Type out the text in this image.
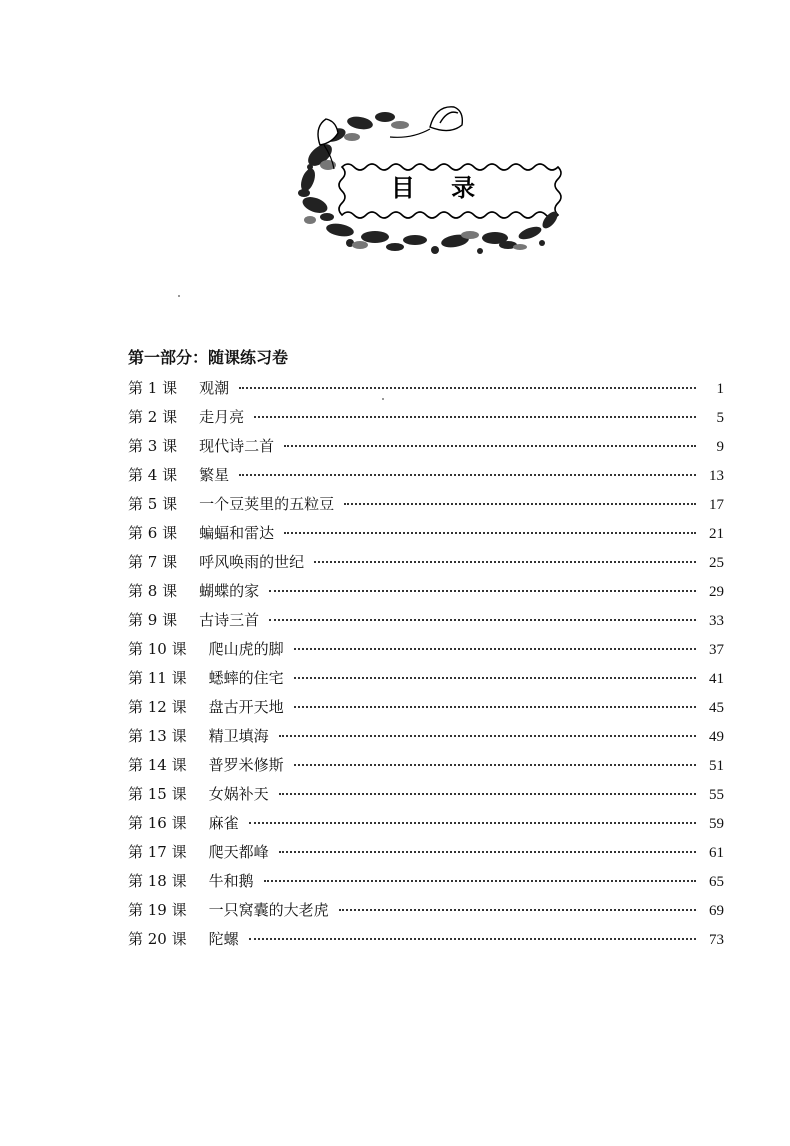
目 录
第一部分：随课练习卷
第 1 课 观潮	1
第 2 课 走月亮	5
第 3 课 现代诗二首	9
第 4 课 繁星	13
第 5 课 一个豆荚里的五粒豆	17
第 6 课 蝙蝠和雷达	21
第 7 课 呼风唤雨的世纪	25
第 8 课 蝴蝶的家	29
第 9 课 古诗三首	33
第 10 课 爬山虎的脚	37
第 11 课 蟋蟀的住宅	41
第 12 课 盘古开天地	45
第 13 课 精卫填海	49
第 14 课 普罗米修斯	51
第 15 课 女娲补天	55
第 16 课 麻雀	59
第 17 课 爬天都峰	61
第 18 课 牛和鹅	65
第 19 课 一只窝囊的大老虎	69
第 20 课 陀螺	73
